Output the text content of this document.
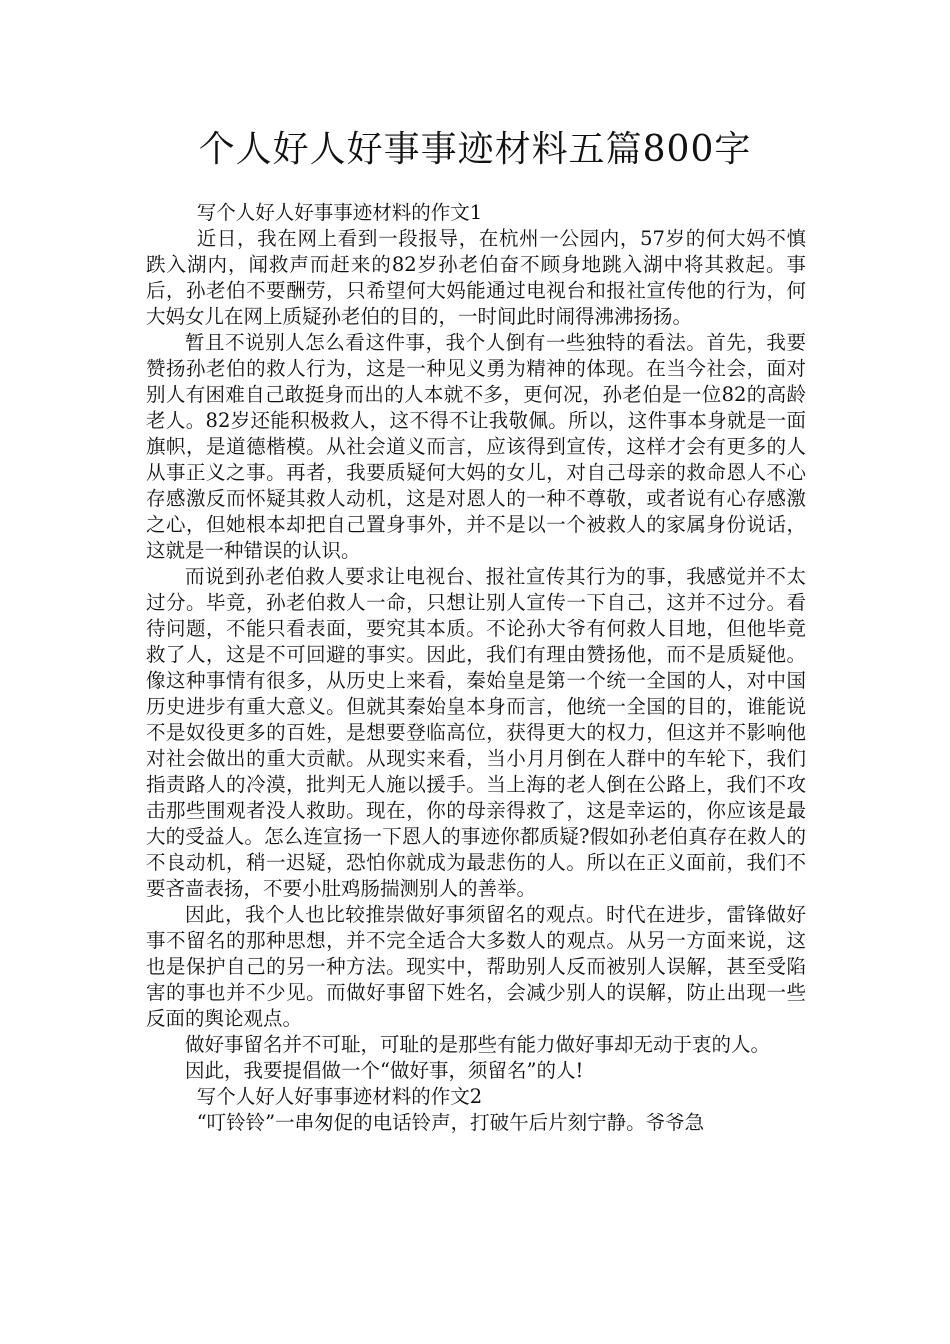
个人好人好事事迹材料五篇800字

写个人好人好事事迹材料的作文1

近日，我在网上看到一段报导，在杭州一公园内，57岁的何大妈不慎跌入湖内，闻救声而赶来的82岁孙老伯奋不顾身地跳入湖中将其救起。事后，孙老伯不要酬劳，只希望何大妈能通过电视台和报社宣传他的行为，何大妈女儿在网上质疑孙老伯的目的，一时间此时闹得沸沸扬扬。

暂且不说别人怎么看这件事，我个人倒有一些独特的看法。首先，我要赞扬孙老伯的救人行为，这是一种见义勇为精神的体现。在当今社会，面对别人有困难自己敢挺身而出的人本就不多，更何况，孙老伯是一位82的高龄老人。82岁还能积极救人，这不得不让我敬佩。所以，这件事本身就是一面旗帜，是道德楷模。从社会道义而言，应该得到宣传，这样才会有更多的人从事正义之事。再者，我要质疑何大妈的女儿，对自己母亲的救命恩人不心存感激反而怀疑其救人动机，这是对恩人的一种不尊敬，或者说有心存感激之心，但她根本却把自己置身事外，并不是以一个被救人的家属身份说话，这就是一种错误的认识。

而说到孙老伯救人要求让电视台、报社宣传其行为的事，我感觉并不太过分。毕竟，孙老伯救人一命，只想让别人宣传一下自己，这并不过分。看待问题，不能只看表面，要究其本质。不论孙大爷有何救人目地，但他毕竟救了人，这是不可回避的事实。因此，我们有理由赞扬他，而不是质疑他。像这种事情有很多，从历史上来看，秦始皇是第一个统一全国的人，对中国历史进步有重大意义。但就其秦始皇本身而言，他统一全国的目的，谁能说不是奴役更多的百姓，是想要登临高位，获得更大的权力，但这并不影响他对社会做出的重大贡献。从现实来看，当小月月倒在人群中的车轮下，我们指责路人的冷漠，批判无人施以援手。当上海的老人倒在公路上，我们不攻击那些围观者没人救助。现在，你的母亲得救了，这是幸运的，你应该是最大的受益人。怎么连宣扬一下恩人的事迹你都质疑?假如孙老伯真存在救人的不良动机，稍一迟疑，恐怕你就成为最悲伤的人。所以在正义面前，我们不要吝啬表扬，不要小肚鸡肠揣测别人的善举。

因此，我个人也比较推崇做好事须留名的观点。时代在进步，雷锋做好事不留名的那种思想，并不完全适合大多数人的观点。从另一方面来说，这也是保护自己的另一种方法。现实中，帮助别人反而被别人误解，甚至受陷害的事也并不少见。而做好事留下姓名，会减少别人的误解，防止出现一些反面的舆论观点。

做好事留名并不可耻，可耻的是那些有能力做好事却无动于衷的人。

因此，我要提倡做一个“做好事，须留名”的人!

写个人好人好事事迹材料的作文2

“叮铃铃”一串匆促的电话铃声，打破午后片刻宁静。爷爷急
